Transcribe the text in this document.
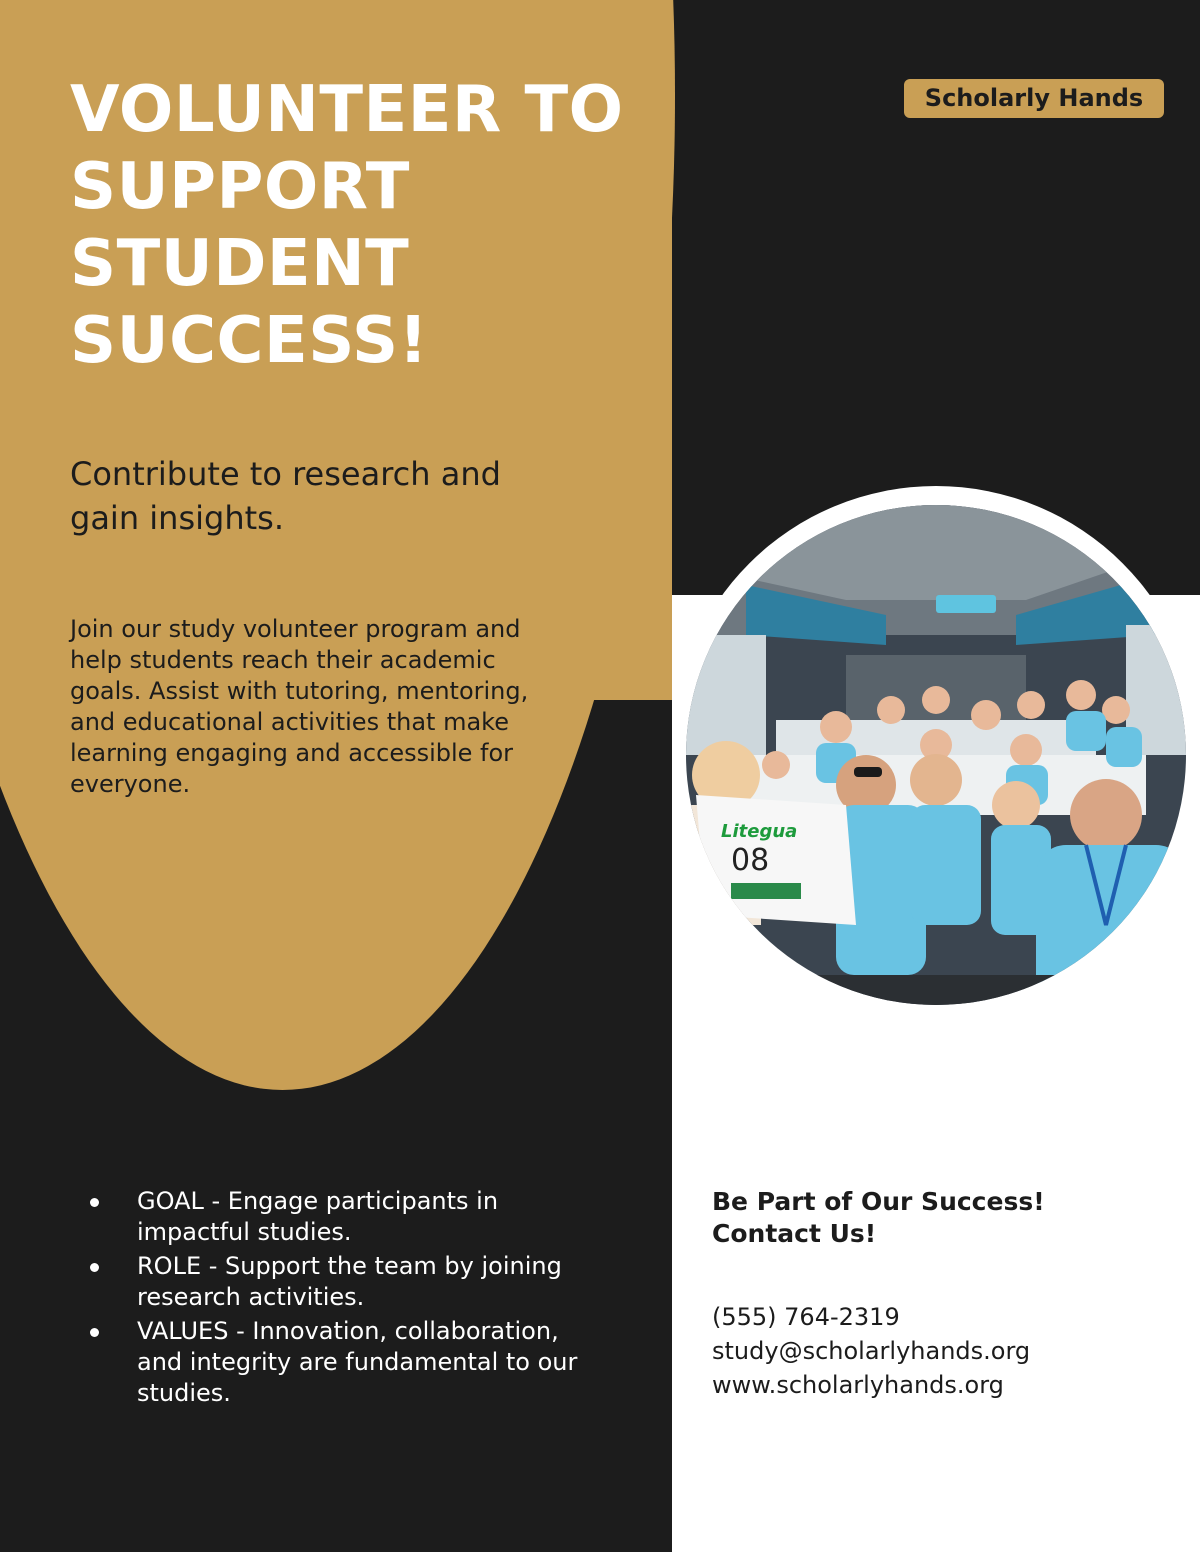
Litegua
08
VOLUNTEER TO
SUPPORT
STUDENT
SUCCESS!

Contribute to research and gain insights.

Join our study volunteer program and help students reach their academic goals. Assist with tutoring, mentoring, and educational activities that make learning engaging and accessible for everyone.

Scholarly Hands
GOAL - Engage participants in impactful studies.
ROLE - Support the team by joining research activities.
VALUES - Innovation, collaboration, and integrity are fundamental to our studies.
Be Part of Our Success!
Contact Us!
(555) 764-2319
study@scholarlyhands.org
www.scholarlyhands.org
